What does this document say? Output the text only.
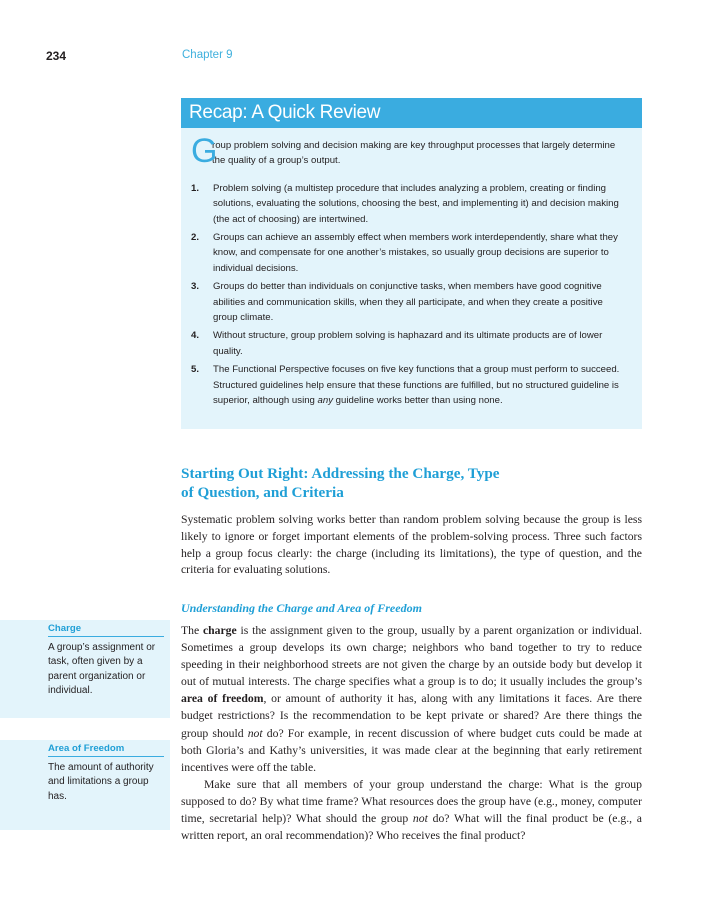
234	Chapter 9
Recap: A Quick Review
G
roup problem solving and decision making are key throughput processes that largely determine the quality of a group’s output.
1.	Problem solving (a multistep procedure that includes analyzing a problem, creating or finding solutions, evaluating the solutions, choosing the best, and implementing it) and decision making (the act of choosing) are intertwined.
2.	Groups can achieve an assembly effect when members work interdependently, share what they know, and compensate for one another’s mistakes, so usually group decisions are superior to individual decisions.
3.	Groups do better than individuals on conjunctive tasks, when members have good cognitive abilities and communication skills, when they all participate, and when they create a positive group climate.
4.	Without structure, group problem solving is haphazard and its ultimate products are of lower quality.
5.	The Functional Perspective focuses on five key functions that a group must perform to succeed. Structured guidelines help ensure that these functions are fulfilled, but no structured guideline is superior, although using any guideline works better than using none.
Starting Out Right: Addressing the Charge, Type of Question, and Criteria

Systematic problem solving works better than random problem solving because the group is less likely to ignore or forget important elements of the problem-solving process. Three such factors help a group focus clearly: the charge (including its limitations), the type of question, and the criteria for evaluating solutions.

Understanding the Charge and Area of Freedom

The charge is the assignment given to the group, usually by a parent organization or individual. Sometimes a group develops its own charge; neighbors who band together to try to reduce speeding in their neighborhood streets are not given the charge by an outside body but develop it out of mutual interests. The charge specifies what a group is to do; it usually includes the group’s area of freedom, or amount of authority it has, along with any limitations it faces. Are there budget restrictions? Is the recommendation to be kept private or shared? Are there things the group should not do? For example, in recent discussion of where budget cuts could be made at both Gloria’s and Kathy’s universities, it was made clear at the beginning that early retirement incentives were off the table.

Make sure that all members of your group understand the charge: What is the group supposed to do? By what time frame? What resources does the group have (e.g., money, computer time, secretarial help)? What should the group not do? What will the final product be (e.g., a written report, an oral recommendation)? Who receives the final product?

Charge
A group’s assignment or task, often given by a parent organization or individual.
Area of Freedom
The amount of authority and limitations a group has.
